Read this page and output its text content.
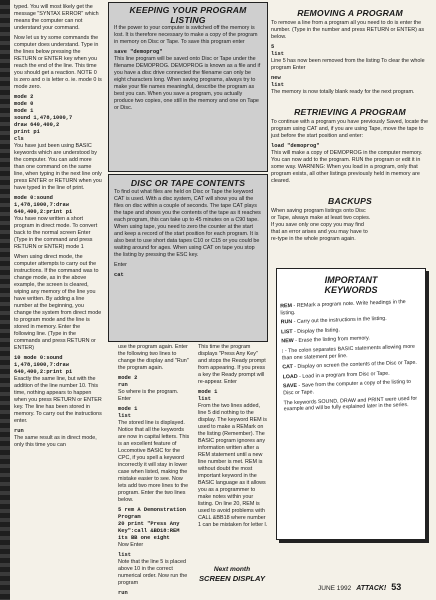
typed. You will most likely get the message "SYNTAX ERROR" which means the computer can not understand your command.

Now let us try some commands the computer does understand. Type in the lines below pressing the RETURN or ENTER key when you reach the end of the line. This time you should get a reaction. NOTE 0 is zero and o is letter o. ie. mode 0 is mode zero.

mode 2
mode 0
mode 1
sound 1,478,1000,7
draw 640,400,2
print pi
cls

You have just been using BASIC keywords which are understood by the computer. You can add more than one command on the same line, when typing in the next line only press ENTER or RETURN when you have typed in the line of print.

mode 0:sound 1,478,1000,7:draw 640,400,2:print pi

You have now written a short program in direct mode. To convert back to the normal screen Enter (Type in the command and press RETURN or ENTER) mode 1

When using direct mode, the computer attempts to carry out the instructions. If the command was to change mode, as in the above example, the screen is cleared, wiping any memory of the line you have written. By adding a line number at the beginning, you change the system from direct mode to program mode and the line is stored in memory. Enter the following line. (Type in the commands and press RETURN or ENTER)

10 mode 0:sound 1,478,1000,7:draw 640,400,2:print pi

Exactly the same line, but with the addition of the line number 10. This time, nothing appears to happen when you press RETURN or ENTER key. The line has been stored in memory. To carry out the instructions enter.

run

The same result as in direct mode, only this time you can

KEEPING YOUR PROGRAM LISTING

If the power to your computer is switched off the memory is lost. It is therefore necessary to make a copy of the program in memory on Disc or Tape. To save this program enter

save "demoprog"

This line program will be saved onto Disc or Tape under the filename DEMOPROG. DEMOPROG is known as a file and if you have a disc drive connected the filename can only be eight characters long. When saving programs, always try to make your file names meaningful, describe the program as best you can. When you save a program, you actually produce two copies, one still in the memory and one on Tape or Disc.

DISC OR TAPE CONTENTS

To find out what files are held on Disc or Tape the keyword CAT is used. With a disc system, CAT will show you all the files on disc within a couple of seconds. The tape CAT plays the tape and shows you the contents of the tape as it reaches each program, this can take up to 45 minutes on a C90 tape. When using tape, you need to zero the counter at the start and keep a record of the start position for each program. It is also best to use short data tapes C10 or C15 or you could be waiting around for ages. When using CAT on tape you stop the listing by pressing the ESC key.

Enter

cat
REMOVING A PROGRAM

To remove a line from a program all you need to do is enter the number. (Type in the number and press RETURN or ENTER) as below.

5
list

Line 5 has now been removed from the listing To clear the whole program Enter

new
list

The memory is now totally blank ready for the next program.

RETRIEVING A PROGRAM

To continue with a program you have previously Saved, locate the program using CAT and, if you are using Tape, move the tape to just before the start position and enter:

load "demoprog"

This will make a copy of DEMOPROG in the computer memory. You can now add to the program. RUN the program or edit it in some way. WARNING: When you load in a program, only that program exists, all other listings previously held in memory are cleared.

BACKUPS

When saving program listings onto Disc or Tape, always make at least two copies. If you save only one copy you may find that an error arises and you may have to re-type in the whole program again.

use the program again. Enter the following two lines to change the display and "Run" the program again.

mode 2
run

So where is the program. Enter

mode 1
list

The stored line is displayed. Notice that all the keywords are now in capital letters. This is an excellent feature of Locomotive BASIC for the CPC, if you spell a keyword incorrectly it will stay in lower case when listed, making the mistake easier to see. Now lets add two more lines to the program. Enter the two lines below.

5 rem A Demonstration Program
20 print "Press Any Key":call &BD18:REM its BB one eight

Now Enter

list

Note that the line 5 is placed above 10 in the correct numerical order. Now run the program

run

This time the program displays "Press Any Key" and stops the Ready prompt from appearing. If you press a key the Ready prompt will re-appear. Enter

mode 1
list

From the two lines added, line 5 did nothing to the display. The keyword REM is used to make a REMark on the listing (Remember). The BASIC program ignores any information written after a REM statement until a new line number is met. REM is without doubt the most important keyword in the BASIC language as it allows you as a programmer to make notes within your listing. On line 20, REM is used to avoid problems with CALL &BB18 where number 1 can be mistaken for letter l.

IMPORTANT KEYWORDS

REM - REMark a program note. Write headings in the listing.

RUN - Carry out the instructions in the listing.

LIST - Display the listing.

NEW - Erase the listing from memory.

: - The colon separates BASIC statements allowing more than one statement per line.

CAT - Display on screen the contents of the Disc or Tape.

LOAD - Load in a program from Disc or Tape.

SAVE - Save from the computer a copy of the listing to Disc or Tape.

The keywords SOUND, DRAW and PRINT were used for example and will be fully explained later in the series.

Next month
SCREEN DISPLAY
JUNE 1992 ATTACK! 53
